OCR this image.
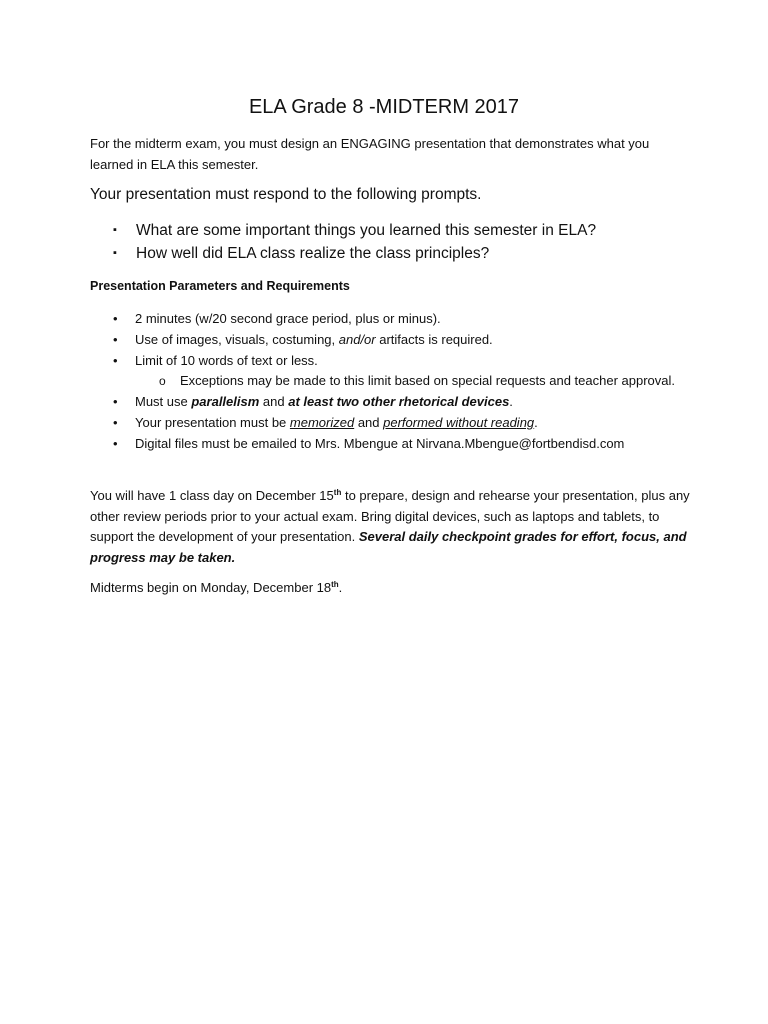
ELA Grade 8 -MIDTERM 2017

For the midterm exam, you must design an ENGAGING presentation that demonstrates what you learned in ELA this semester.

Your presentation must respond to the following prompts.

▪ What are some important things you learned this semester in ELA?
▪ How well did ELA class realize the class principles?

Presentation Parameters and Requirements

• 2 minutes (w/20 second grace period, plus or minus).
• Use of images, visuals, costuming, and/or artifacts is required.
• Limit of 10 words of text or less.
o Exceptions may be made to this limit based on special requests and teacher approval.
• Must use parallelism and at least two other rhetorical devices.
• Your presentation must be memorized and performed without reading.
• Digital files must be emailed to Mrs. Mbengue at Nirvana.Mbengue@fortbendisd.com

You will have 1 class day on December 15th to prepare, design and rehearse your presentation, plus any other review periods prior to your actual exam. Bring digital devices, such as laptops and tablets, to support the development of your presentation. Several daily checkpoint grades for effort, focus, and progress may be taken.

Midterms begin on Monday, December 18th.
